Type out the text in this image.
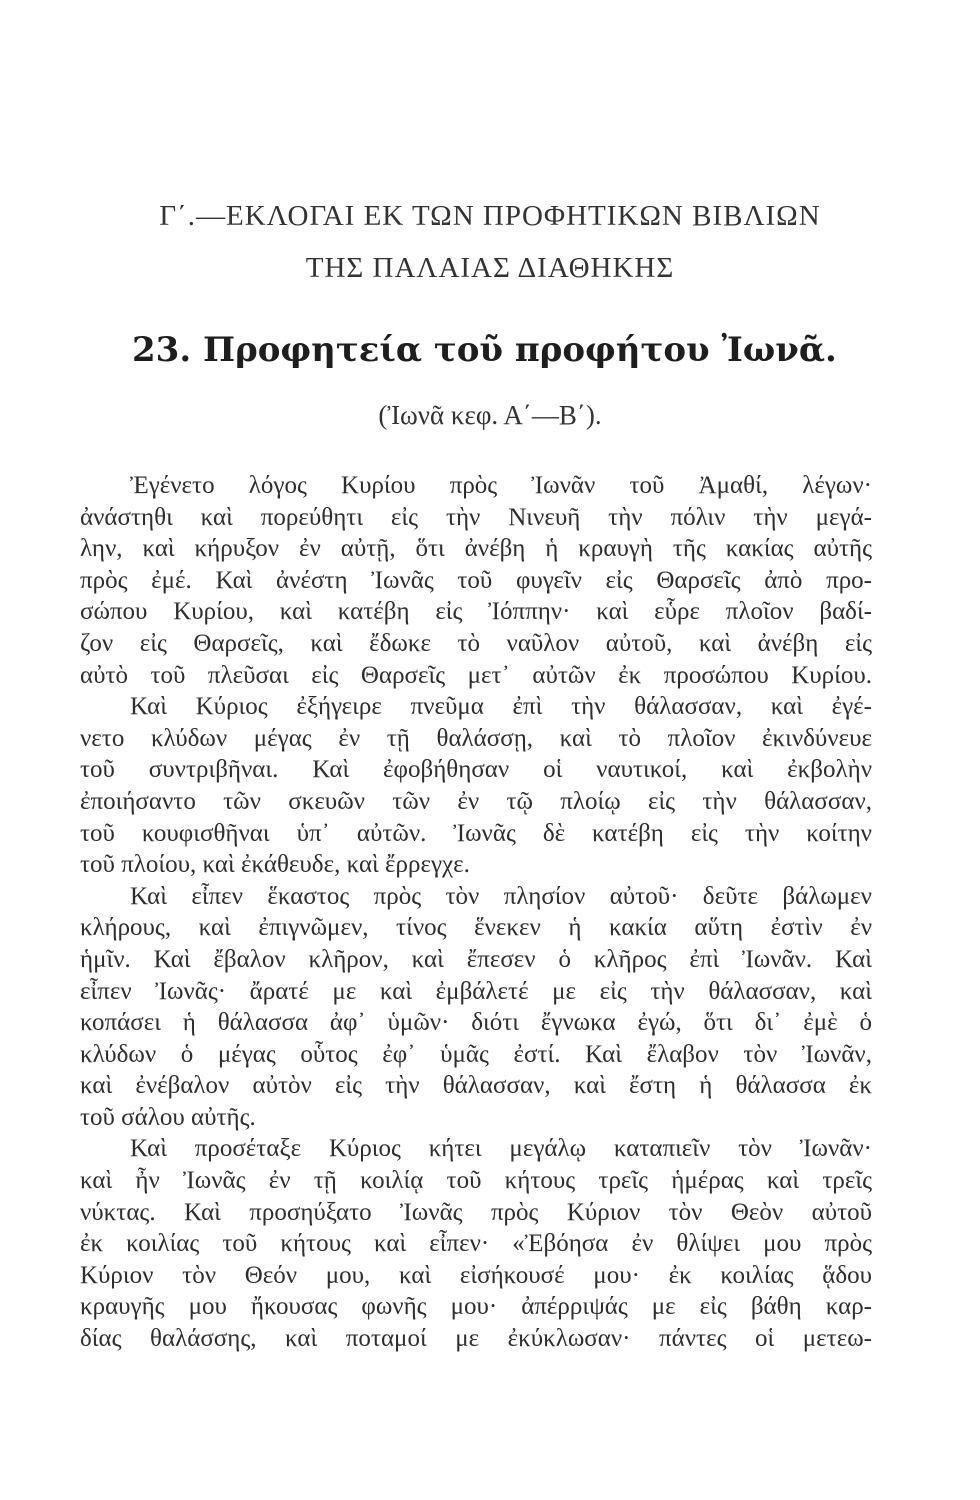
Γ΄.—ΕΚΛΟΓΑΙ ΕΚ ΤΩΝ ΠΡΟΦΗΤΙΚΩΝ ΒΙΒΛΙΩΝ
ΤΗΣ ΠΑΛΑΙΑΣ ΔΙΑΘΗΚΗΣ
23. Προφητεία τοῦ προφήτου Ἰωνᾶ.

(Ἰωνᾶ κεφ. Α΄—Β΄).

Ἐγένετο λόγος Κυρίου πρὸς Ἰωνᾶν τοῦ Ἀμαθί, λέγων·
ἀνάστηθι καὶ πορεύθητι εἰς τὴν Νινευῆ τὴν πόλιν τὴν μεγά-
λην, καὶ κήρυξον ἐν αὐτῇ, ὅτι ἀνέβη ἡ κραυγὴ τῆς κακίας αὐτῆς
πρὸς ἐμέ. Καὶ ἀνέστη Ἰωνᾶς τοῦ φυγεῖν εἰς Θαρσεῖς ἀπὸ προ-
σώπου Κυρίου, καὶ κατέβη εἰς Ἰόππην· καὶ εὗρε πλοῖον βαδί-
ζον εἰς Θαρσεῖς, καὶ ἔδωκε τὸ ναῦλον αὐτοῦ, καὶ ἀνέβη εἰς
αὐτὸ τοῦ πλεῦσαι εἰς Θαρσεῖς μετ᾿ αὐτῶν ἐκ προσώπου Κυρίου.
Καὶ Κύριος ἐξήγειρε πνεῦμα ἐπὶ τὴν θάλασσαν, καὶ ἐγέ-
νετο κλύδων μέγας ἐν τῇ θαλάσσῃ, καὶ τὸ πλοῖον ἐκινδύνευε
τοῦ συντριβῆναι. Καὶ ἐφοβήθησαν οἱ ναυτικοί, καὶ ἐκβολὴν
ἐποιήσαντο τῶν σκευῶν τῶν ἐν τῷ πλοίῳ εἰς τὴν θάλασσαν,
τοῦ κουφισθῆναι ὑπ᾿ αὐτῶν. Ἰωνᾶς δὲ κατέβη εἰς τὴν κοίτην
τοῦ πλοίου, καὶ ἐκάθευδε, καὶ ἔρρεγχε.
Καὶ εἶπεν ἕκαστος πρὸς τὸν πλησίον αὐτοῦ· δεῦτε βάλωμεν
κλήρους, καὶ ἐπιγνῶμεν, τίνος ἕνεκεν ἡ κακία αὕτη ἐστὶν ἐν
ἡμῖν. Καὶ ἔβαλον κλῆρον, καὶ ἔπεσεν ὁ κλῆρος ἐπὶ Ἰωνᾶν. Καὶ
εἶπεν Ἰωνᾶς· ἄρατέ με καὶ ἐμβάλετέ με εἰς τὴν θάλασσαν, καὶ
κοπάσει ἡ θάλασσα ἀφ᾿ ὑμῶν· διότι ἔγνωκα ἐγώ, ὅτι δι᾿ ἐμὲ ὁ
κλύδων ὁ μέγας οὗτος ἐφ᾿ ὑμᾶς ἐστί. Καὶ ἔλαβον τὸν Ἰωνᾶν,
καὶ ἐνέβαλον αὐτὸν εἰς τὴν θάλασσαν, καὶ ἔστη ἡ θάλασσα ἐκ
τοῦ σάλου αὐτῆς.
Καὶ προσέταξε Κύριος κήτει μεγάλῳ καταπιεῖν τὸν Ἰωνᾶν·
καὶ ἦν Ἰωνᾶς ἐν τῇ κοιλίᾳ τοῦ κήτους τρεῖς ἡμέρας καὶ τρεῖς
νύκτας. Καὶ προσηύξατο Ἰωνᾶς πρὸς Κύριον τὸν Θεὸν αὐτοῦ
ἐκ κοιλίας τοῦ κήτους καὶ εἶπεν· «Ἐβόησα ἐν θλίψει μου πρὸς
Κύριον τὸν Θεόν μου, καὶ εἰσήκουσέ μου· ἐκ κοιλίας ᾅδου
κραυγῆς μου ἤκουσας φωνῆς μου· ἀπέρριψάς με εἰς βάθη καρ-
δίας θαλάσσης, καὶ ποταμοί με ἐκύκλωσαν· πάντες οἱ μετεω-
